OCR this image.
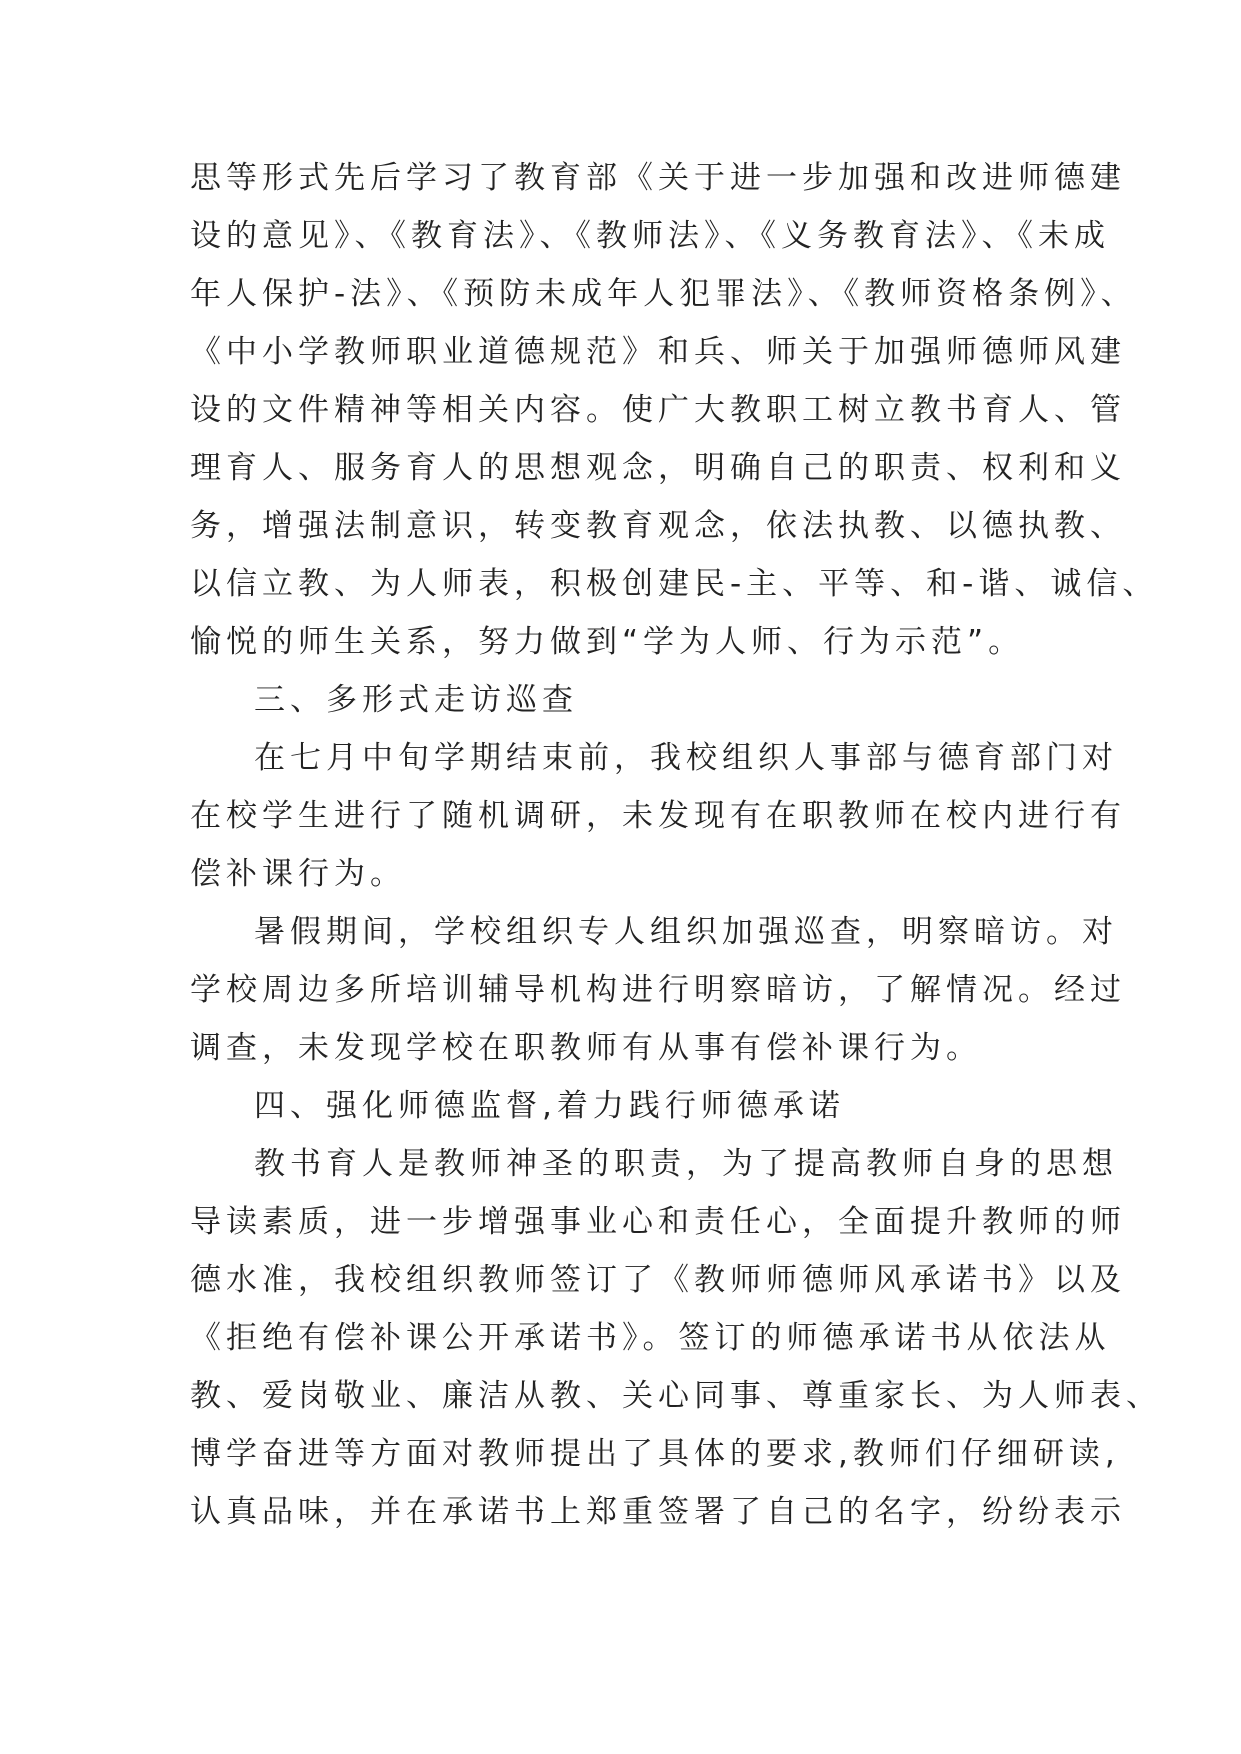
思等形式先后学习了教育部《关于进一步加强和改进师德建
设的意见》、《教育法》、《教师法》、《义务教育法》、《未成
年人保护-法》、《预防未成年人犯罪法》、《教师资格条例》、
《中小学教师职业道德规范》和兵、师关于加强师德师风建
设的文件精神等相关内容。使广大教职工树立教书育人、管
理育人、服务育人的思想观念，明确自己的职责、权利和义
务，增强法制意识，转变教育观念，依法执教、以德执教、
以信立教、为人师表，积极创建民-主、平等、和-谐、诚信、
愉悦的师生关系，努力做到“学为人师、行为示范”。
三、多形式走访巡查
在七月中旬学期结束前，我校组织人事部与德育部门对
在校学生进行了随机调研，未发现有在职教师在校内进行有
偿补课行为。
暑假期间，学校组织专人组织加强巡查，明察暗访。对
学校周边多所培训辅导机构进行明察暗访，了解情况。经过
调查，未发现学校在职教师有从事有偿补课行为。
四、强化师德监督,着力践行师德承诺
教书育人是教师神圣的职责，为了提高教师自身的思想
导读素质，进一步增强事业心和责任心，全面提升教师的师
德水准，我校组织教师签订了《教师师德师风承诺书》以及
《拒绝有偿补课公开承诺书》。签订的师德承诺书从依法从
教、爱岗敬业、廉洁从教、关心同事、尊重家长、为人师表、
博学奋进等方面对教师提出了具体的要求,教师们仔细研读,
认真品味，并在承诺书上郑重签署了自己的名字，纷纷表示
